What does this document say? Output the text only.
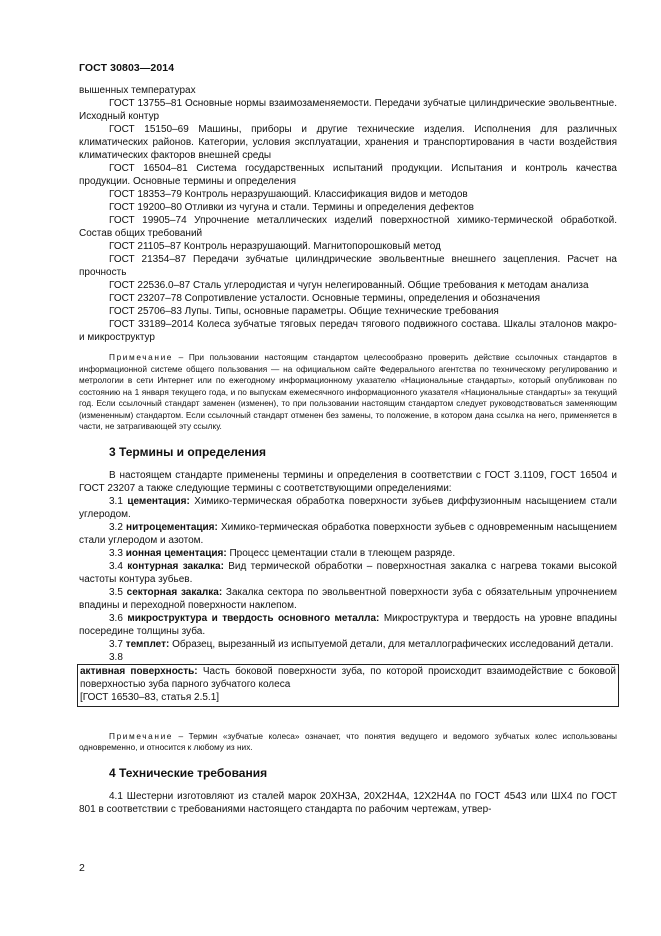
ГОСТ 30803—2014

вышенных температурах

ГОСТ 13755–81 Основные нормы взаимозаменяемости. Передачи зубчатые цилиндрические эвольвентные. Исходный контур

ГОСТ 15150–69 Машины, приборы и другие технические изделия. Исполнения для различных климатических районов. Категории, условия эксплуатации, хранения и транспортирования в части воздействия климатических факторов внешней среды

ГОСТ 16504–81 Система государственных испытаний продукции. Испытания и контроль качества продукции. Основные термины и определения

ГОСТ 18353–79 Контроль неразрушающий. Классификация видов и методов

ГОСТ 19200–80 Отливки из чугуна и стали. Термины и определения дефектов

ГОСТ 19905–74 Упрочнение металлических изделий поверхностной химико-термической обработкой. Состав общих требований

ГОСТ 21105–87 Контроль неразрушающий. Магнитопорошковый метод

ГОСТ 21354–87 Передачи зубчатые цилиндрические эвольвентные внешнего зацепления. Расчет на прочность

ГОСТ 22536.0–87 Сталь углеродистая и чугун нелегированный. Общие требования к методам анализа

ГОСТ 23207–78 Сопротивление усталости. Основные термины, определения и обозначения

ГОСТ 25706–83 Лупы. Типы, основные параметры. Общие технические требования

ГОСТ 33189–2014 Колеса зубчатые тяговых передач тягового подвижного состава. Шкалы эталонов макро- и микроструктур

Примечание – При пользовании настоящим стандартом целесообразно проверить действие ссылочных стандартов в информационной системе общего пользования — на официальном сайте Федерального агентства по техническому регулированию и метрологии в сети Интернет или по ежегодному информационному указателю «Национальные стандарты», который опубликован по состоянию на 1 января текущего года, и по выпускам ежемесячного информационного указателя «Национальные стандарты» за текущий год. Если ссылочный стандарт заменен (изменен), то при пользовании настоящим стандартом следует руководствоваться заменяющим (измененным) стандартом. Если ссылочный стандарт отменен без замены, то положение, в котором дана ссылка на него, применяется в части, не затрагивающей эту ссылку.

3 Термины и определения

В настоящем стандарте применены термины и определения в соответствии с ГОСТ 3.1109, ГОСТ 16504 и ГОСТ 23207 а также следующие термины с соответствующими определениями:

3.1 цементация: Химико-термическая обработка поверхности зубьев диффузионным насыщением стали углеродом.

3.2 нитроцементация: Химико-термическая обработка поверхности зубьев с одновременным насыщением стали углеродом и азотом.

3.3 ионная цементация: Процесс цементации стали в тлеющем разряде.

3.4 контурная закалка: Вид термической обработки – поверхностная закалка с нагрева токами высокой частоты контура зубьев.

3.5 секторная закалка: Закалка сектора по эвольвентной поверхности зуба с обязательным упрочнением впадины и переходной поверхности наклепом.

3.6 микроструктура и твердость основного металла: Микроструктура и твердость на уровне впадины посередине толщины зуба.

3.7 темплет: Образец, вырезанный из испытуемой детали, для металлографических исследований детали.

3.8

активная поверхность: Часть боковой поверхности зуба, по которой происходит взаимодействие с боковой поверхностью зуба парного зубчатого колеса

[ГОСТ 16530–83, статья 2.5.1]

Примечание – Термин «зубчатые колеса» означает, что понятия ведущего и ведомого зубчатых колес использованы одновременно, и относится к любому из них.

4 Технические требования

4.1 Шестерни изготовляют из сталей марок 20ХН3А, 20Х2Н4А, 12Х2Н4А по ГОСТ 4543 или ШХ4 по ГОСТ 801 в соответствии с требованиями настоящего стандарта по рабочим чертежам, утвер-

2
